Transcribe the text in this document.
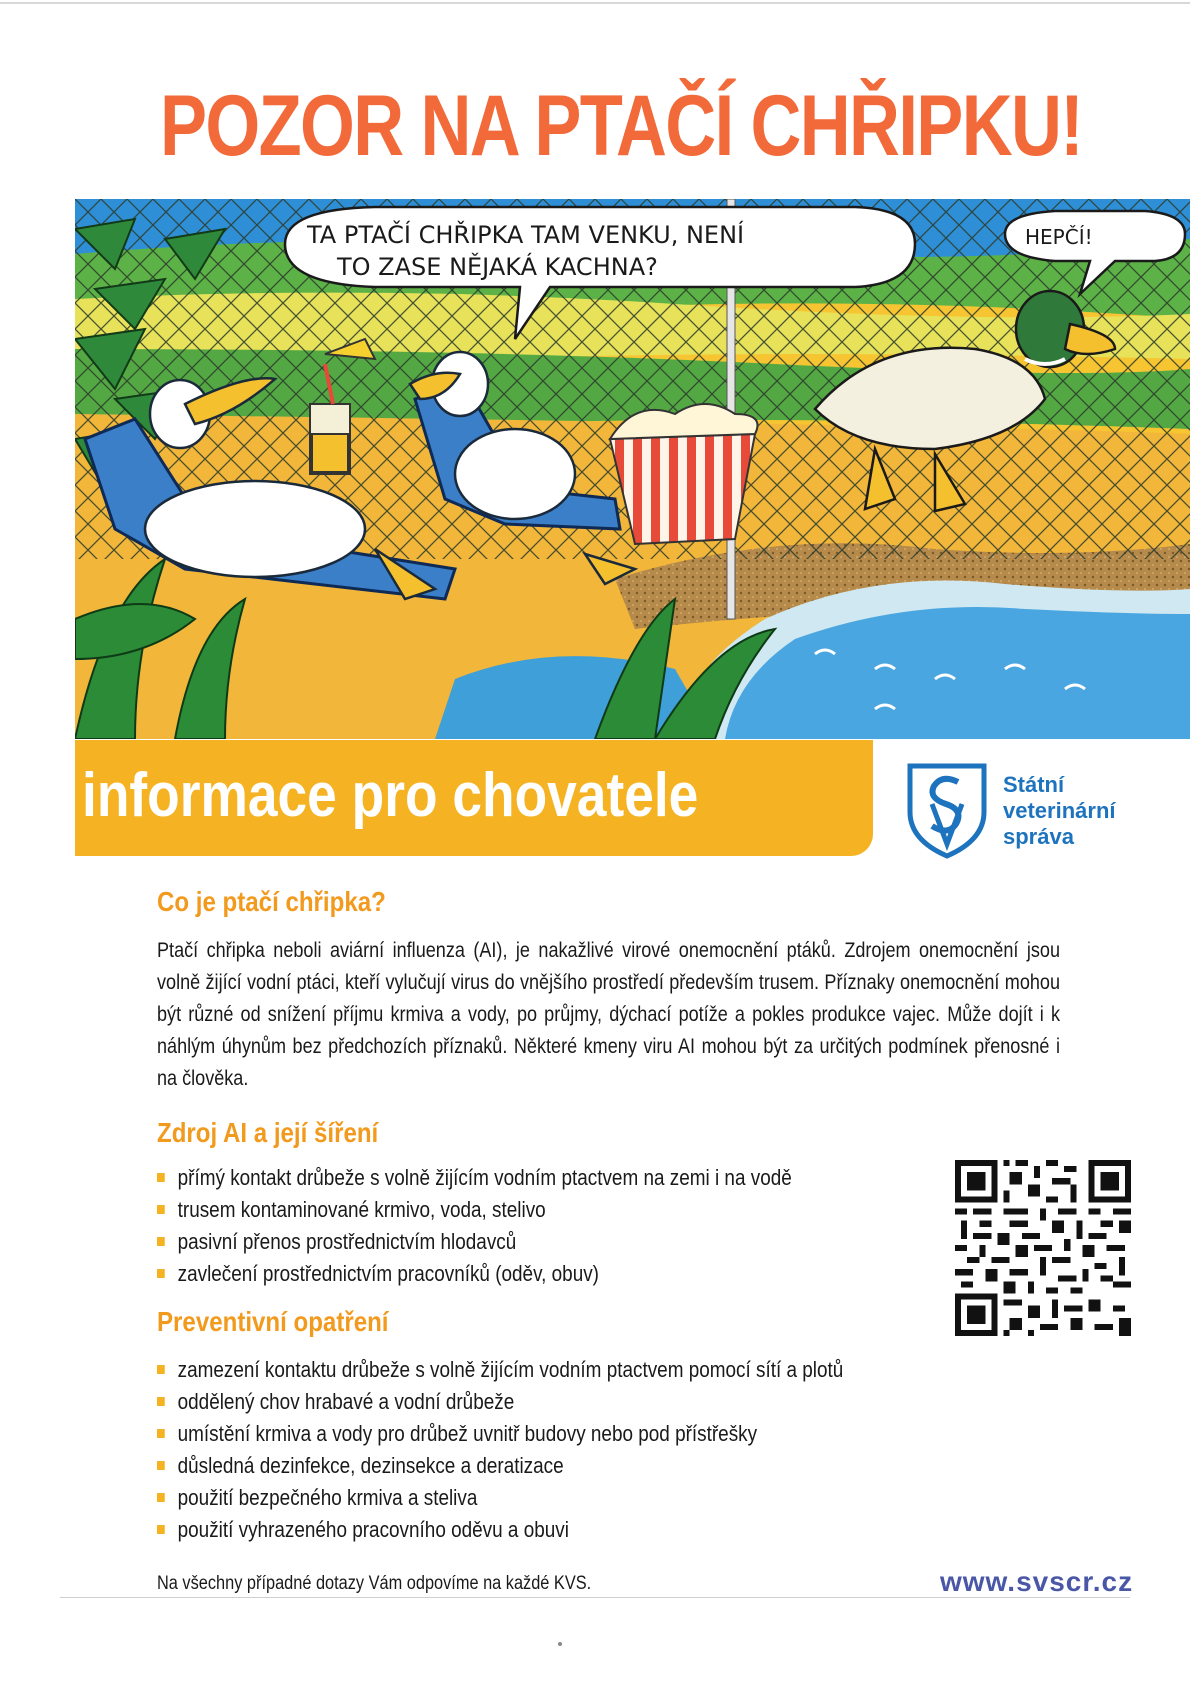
POZOR NA PTAČÍ CHŘIPKU!
TA PTAČÍ CHŘIPKA TAM VENKU, NENÍ
TO ZASE NĚJAKÁ KACHNA?
HEPČÍ!
informace pro chovatele	Státní
veterinární
správa
Co je ptačí chřipka?

Ptačí chřipka neboli aviární influenza (AI), je nakažlivé virové onemocnění ptáků. Zdrojem onemocnění jsou volně žijící vodní ptáci, kteří vylučují virus do vnějšího prostředí především trusem. Příznaky onemocnění mohou být různé od snížení příjmu krmiva a vody, po průjmy, dýchací potíže a pokles produkce vajec. Může dojít i k náhlým úhynům bez předchozích příznaků. Některé kmeny viru AI mohou být za určitých podmínek přenosné i na člověka.

Zdroj AI a její šíření
přímý kontakt drůbeže s volně žijícím vodním ptactvem na zemi i na vodě
trusem kontaminované krmivo, voda, stelivo
pasivní přenos prostřednictvím hlodavců
zavlečení prostřednictvím pracovníků (oděv, obuv)
Preventivní opatření
zamezení kontaktu drůbeže s volně žijícím vodním ptactvem pomocí sítí a plotů
oddělený chov hrabavé a vodní drůbeže
umístění krmiva a vody pro drůbež uvnitř budovy nebo pod přístřešky
důsledná dezinfekce, dezinsekce a deratizace
použití bezpečného krmiva a steliva
použití vyhrazeného pracovního oděvu a obuvi
Na všechny případné dotazy Vám odpovíme na každé KVS.	www.svscr.cz
